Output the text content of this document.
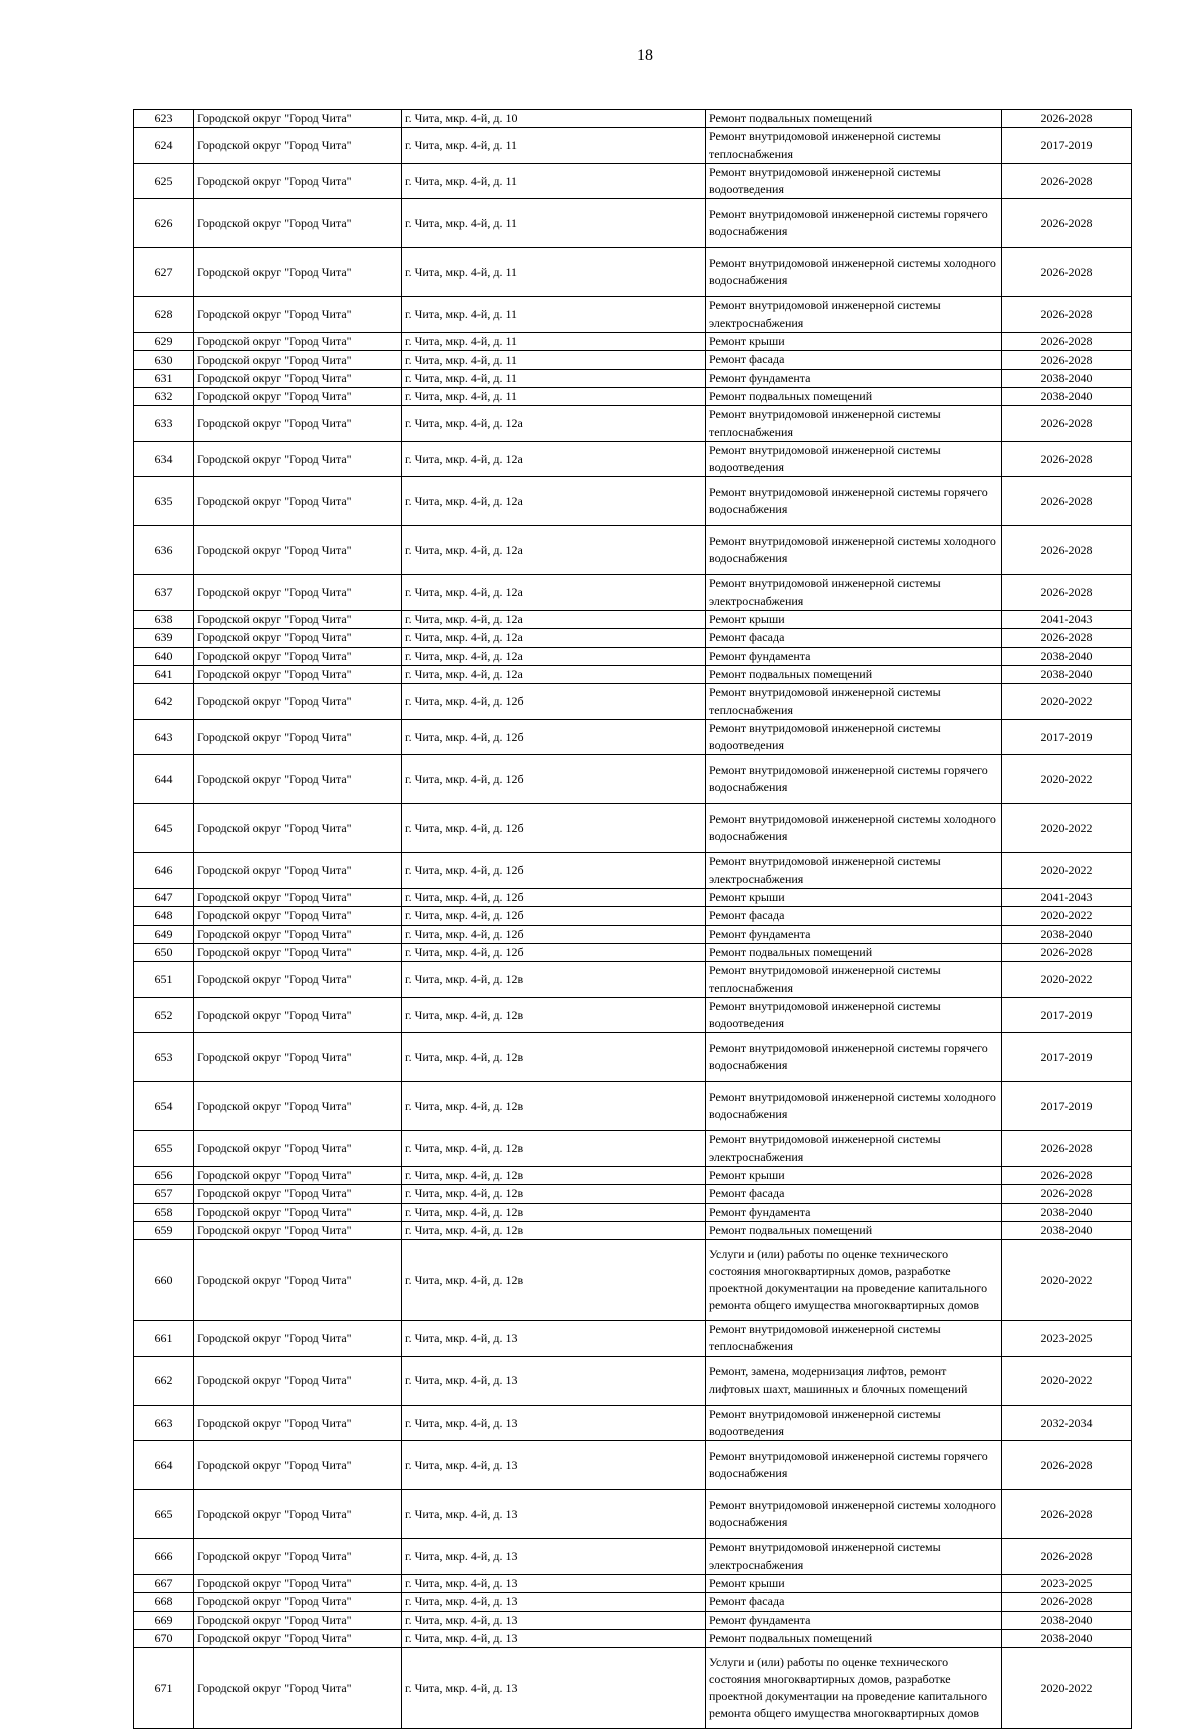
18
623	Городской округ "Город Чита"	г. Чита, мкр. 4-й, д. 10	Ремонт подвальных помещений	2026-2028
624	Городской округ "Город Чита"	г. Чита, мкр. 4-й, д. 11	Ремонт внутридомовой инженерной системы теплоснабжения	2017-2019
625	Городской округ "Город Чита"	г. Чита, мкр. 4-й, д. 11	Ремонт внутридомовой инженерной системы водоотведения	2026-2028
626	Городской округ "Город Чита"	г. Чита, мкр. 4-й, д. 11	Ремонт внутридомовой инженерной системы горячего водоснабжения	2026-2028
627	Городской округ "Город Чита"	г. Чита, мкр. 4-й, д. 11	Ремонт внутридомовой инженерной системы холодного водоснабжения	2026-2028
628	Городской округ "Город Чита"	г. Чита, мкр. 4-й, д. 11	Ремонт внутридомовой инженерной системы электроснабжения	2026-2028
629	Городской округ "Город Чита"	г. Чита, мкр. 4-й, д. 11	Ремонт крыши	2026-2028
630	Городской округ "Город Чита"	г. Чита, мкр. 4-й, д. 11	Ремонт фасада	2026-2028
631	Городской округ "Город Чита"	г. Чита, мкр. 4-й, д. 11	Ремонт фундамента	2038-2040
632	Городской округ "Город Чита"	г. Чита, мкр. 4-й, д. 11	Ремонт подвальных помещений	2038-2040
633	Городской округ "Город Чита"	г. Чита, мкр. 4-й, д. 12а	Ремонт внутридомовой инженерной системы теплоснабжения	2026-2028
634	Городской округ "Город Чита"	г. Чита, мкр. 4-й, д. 12а	Ремонт внутридомовой инженерной системы водоотведения	2026-2028
635	Городской округ "Город Чита"	г. Чита, мкр. 4-й, д. 12а	Ремонт внутридомовой инженерной системы горячего водоснабжения	2026-2028
636	Городской округ "Город Чита"	г. Чита, мкр. 4-й, д. 12а	Ремонт внутридомовой инженерной системы холодного водоснабжения	2026-2028
637	Городской округ "Город Чита"	г. Чита, мкр. 4-й, д. 12а	Ремонт внутридомовой инженерной системы электроснабжения	2026-2028
638	Городской округ "Город Чита"	г. Чита, мкр. 4-й, д. 12а	Ремонт крыши	2041-2043
639	Городской округ "Город Чита"	г. Чита, мкр. 4-й, д. 12а	Ремонт фасада	2026-2028
640	Городской округ "Город Чита"	г. Чита, мкр. 4-й, д. 12а	Ремонт фундамента	2038-2040
641	Городской округ "Город Чита"	г. Чита, мкр. 4-й, д. 12а	Ремонт подвальных помещений	2038-2040
642	Городской округ "Город Чита"	г. Чита, мкр. 4-й, д. 12б	Ремонт внутридомовой инженерной системы теплоснабжения	2020-2022
643	Городской округ "Город Чита"	г. Чита, мкр. 4-й, д. 12б	Ремонт внутридомовой инженерной системы водоотведения	2017-2019
644	Городской округ "Город Чита"	г. Чита, мкр. 4-й, д. 12б	Ремонт внутридомовой инженерной системы горячего водоснабжения	2020-2022
645	Городской округ "Город Чита"	г. Чита, мкр. 4-й, д. 12б	Ремонт внутридомовой инженерной системы холодного водоснабжения	2020-2022
646	Городской округ "Город Чита"	г. Чита, мкр. 4-й, д. 12б	Ремонт внутридомовой инженерной системы электроснабжения	2020-2022
647	Городской округ "Город Чита"	г. Чита, мкр. 4-й, д. 12б	Ремонт крыши	2041-2043
648	Городской округ "Город Чита"	г. Чита, мкр. 4-й, д. 12б	Ремонт фасада	2020-2022
649	Городской округ "Город Чита"	г. Чита, мкр. 4-й, д. 12б	Ремонт фундамента	2038-2040
650	Городской округ "Город Чита"	г. Чита, мкр. 4-й, д. 12б	Ремонт подвальных помещений	2026-2028
651	Городской округ "Город Чита"	г. Чита, мкр. 4-й, д. 12в	Ремонт внутридомовой инженерной системы теплоснабжения	2020-2022
652	Городской округ "Город Чита"	г. Чита, мкр. 4-й, д. 12в	Ремонт внутридомовой инженерной системы водоотведения	2017-2019
653	Городской округ "Город Чита"	г. Чита, мкр. 4-й, д. 12в	Ремонт внутридомовой инженерной системы горячего водоснабжения	2017-2019
654	Городской округ "Город Чита"	г. Чита, мкр. 4-й, д. 12в	Ремонт внутридомовой инженерной системы холодного водоснабжения	2017-2019
655	Городской округ "Город Чита"	г. Чита, мкр. 4-й, д. 12в	Ремонт внутридомовой инженерной системы электроснабжения	2026-2028
656	Городской округ "Город Чита"	г. Чита, мкр. 4-й, д. 12в	Ремонт крыши	2026-2028
657	Городской округ "Город Чита"	г. Чита, мкр. 4-й, д. 12в	Ремонт фасада	2026-2028
658	Городской округ "Город Чита"	г. Чита, мкр. 4-й, д. 12в	Ремонт фундамента	2038-2040
659	Городской округ "Город Чита"	г. Чита, мкр. 4-й, д. 12в	Ремонт подвальных помещений	2038-2040
660	Городской округ "Город Чита"	г. Чита, мкр. 4-й, д. 12в	Услуги и (или) работы по оценке технического состояния многоквартирных домов, разработке проектной документации на проведение капитального ремонта общего имущества многоквартирных домов	2020-2022
661	Городской округ "Город Чита"	г. Чита, мкр. 4-й, д. 13	Ремонт внутридомовой инженерной системы теплоснабжения	2023-2025
662	Городской округ "Город Чита"	г. Чита, мкр. 4-й, д. 13	Ремонт, замена, модернизация лифтов, ремонт лифтовых шахт, машинных и блочных помещений	2020-2022
663	Городской округ "Город Чита"	г. Чита, мкр. 4-й, д. 13	Ремонт внутридомовой инженерной системы водоотведения	2032-2034
664	Городской округ "Город Чита"	г. Чита, мкр. 4-й, д. 13	Ремонт внутридомовой инженерной системы горячего водоснабжения	2026-2028
665	Городской округ "Город Чита"	г. Чита, мкр. 4-й, д. 13	Ремонт внутридомовой инженерной системы холодного водоснабжения	2026-2028
666	Городской округ "Город Чита"	г. Чита, мкр. 4-й, д. 13	Ремонт внутридомовой инженерной системы электроснабжения	2026-2028
667	Городской округ "Город Чита"	г. Чита, мкр. 4-й, д. 13	Ремонт крыши	2023-2025
668	Городской округ "Город Чита"	г. Чита, мкр. 4-й, д. 13	Ремонт фасада	2026-2028
669	Городской округ "Город Чита"	г. Чита, мкр. 4-й, д. 13	Ремонт фундамента	2038-2040
670	Городской округ "Город Чита"	г. Чита, мкр. 4-й, д. 13	Ремонт подвальных помещений	2038-2040
671	Городской округ "Город Чита"	г. Чита, мкр. 4-й, д. 13	Услуги и (или) работы по оценке технического состояния многоквартирных домов, разработке проектной документации на проведение капитального ремонта общего имущества многоквартирных домов	2020-2022
